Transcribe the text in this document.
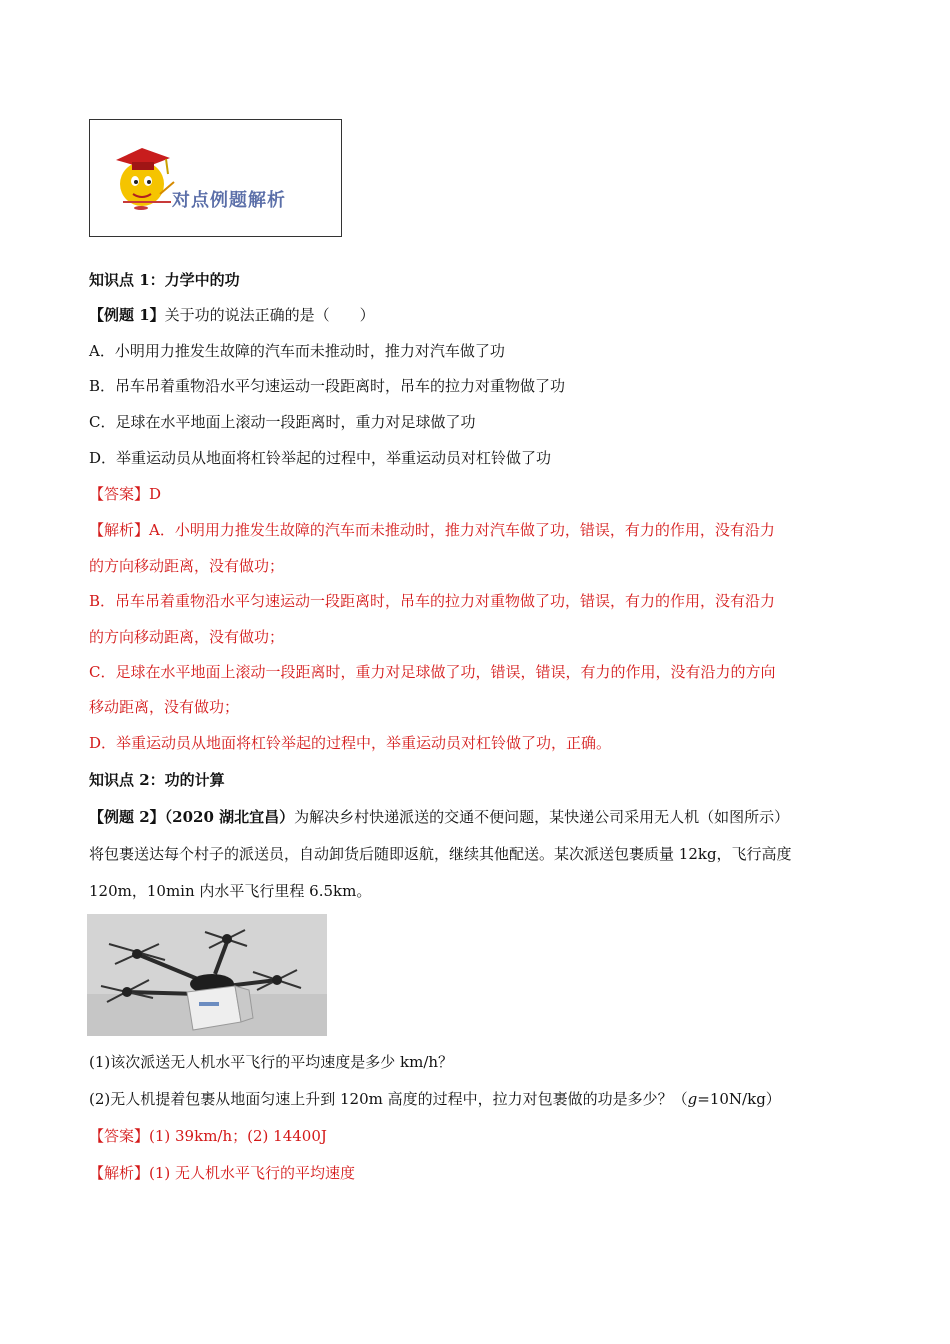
对点例题解析
知识点 1：力学中的功
【例题 1】关于功的说法正确的是（　　）
A．小明用力推发生故障的汽车而未推动时，推力对汽车做了功
B．吊车吊着重物沿水平匀速运动一段距离时，吊车的拉力对重物做了功
C．足球在水平地面上滚动一段距离时，重力对足球做了功
D．举重运动员从地面将杠铃举起的过程中，举重运动员对杠铃做了功
【答案】D
【解析】A．小明用力推发生故障的汽车而未推动时，推力对汽车做了功，错误，有力的作用，没有沿力
的方向移动距离，没有做功；
B．吊车吊着重物沿水平匀速运动一段距离时，吊车的拉力对重物做了功，错误，有力的作用，没有沿力
的方向移动距离，没有做功；
C．足球在水平地面上滚动一段距离时，重力对足球做了功，错误，错误，有力的作用，没有沿力的方向
移动距离，没有做功；
D．举重运动员从地面将杠铃举起的过程中，举重运动员对杠铃做了功，正确。
知识点 2：功的计算
【例题 2】（2020 湖北宜昌）为解决乡村快递派送的交通不便问题，某快递公司采用无人机（如图所示）
将包裹送达每个村子的派送员，自动卸货后随即返航，继续其他配送。某次派送包裹质量 12kg，飞行高度
120m，10min 内水平飞行里程 6.5km。
(1)该次派送无人机水平飞行的平均速度是多少 km/h？
(2)无人机提着包裹从地面匀速上升到 120m 高度的过程中，拉力对包裹做的功是多少？（g=10N/kg）
【答案】(1) 39km/h；(2) 14400J
【解析】(1) 无人机水平飞行的平均速度
